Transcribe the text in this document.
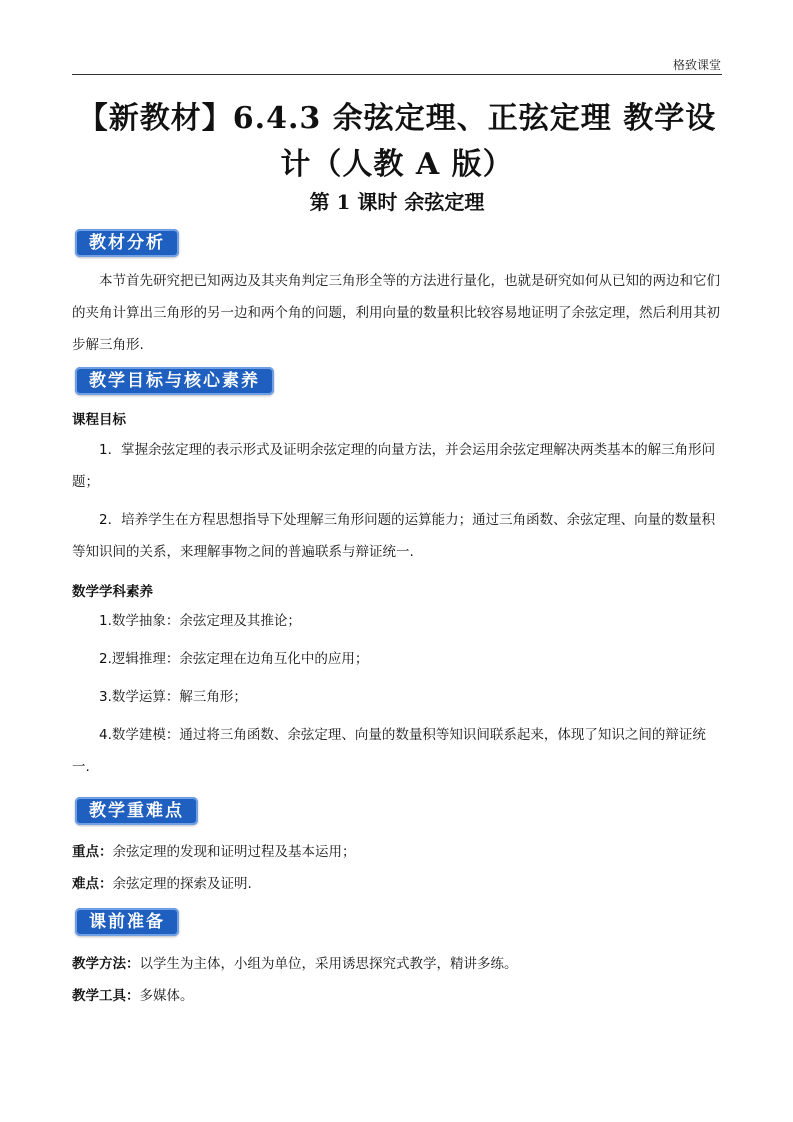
格致课堂
【新教材】6.4.3 余弦定理、正弦定理 教学设
计（人教 A 版）
第 1 课时 余弦定理
教材分析
本节首先研究把已知两边及其夹角判定三角形全等的方法进行量化，也就是研究如何从已知的两边和它们的夹角计算出三角形的另一边和两个角的问题，利用向量的数量积比较容易地证明了余弦定理，然后利用其初步解三角形.
教学目标与核心素养
课程目标
1．掌握余弦定理的表示形式及证明余弦定理的向量方法，并会运用余弦定理解决两类基本的解三角形问题；
2．培养学生在方程思想指导下处理解三角形问题的运算能力；通过三角函数、余弦定理、向量的数量积等知识间的关系，来理解事物之间的普遍联系与辩证统一.
数学学科素养
1.数学抽象：余弦定理及其推论；
2.逻辑推理：余弦定理在边角互化中的应用；
3.数学运算：解三角形；
4.数学建模：通过将三角函数、余弦定理、向量的数量积等知识间联系起来，体现了知识之间的辩证统一.
教学重难点
重点：余弦定理的发现和证明过程及基本运用；
难点：余弦定理的探索及证明.
课前准备
教学方法：以学生为主体，小组为单位，采用诱思探究式教学，精讲多练。
教学工具：多媒体。
